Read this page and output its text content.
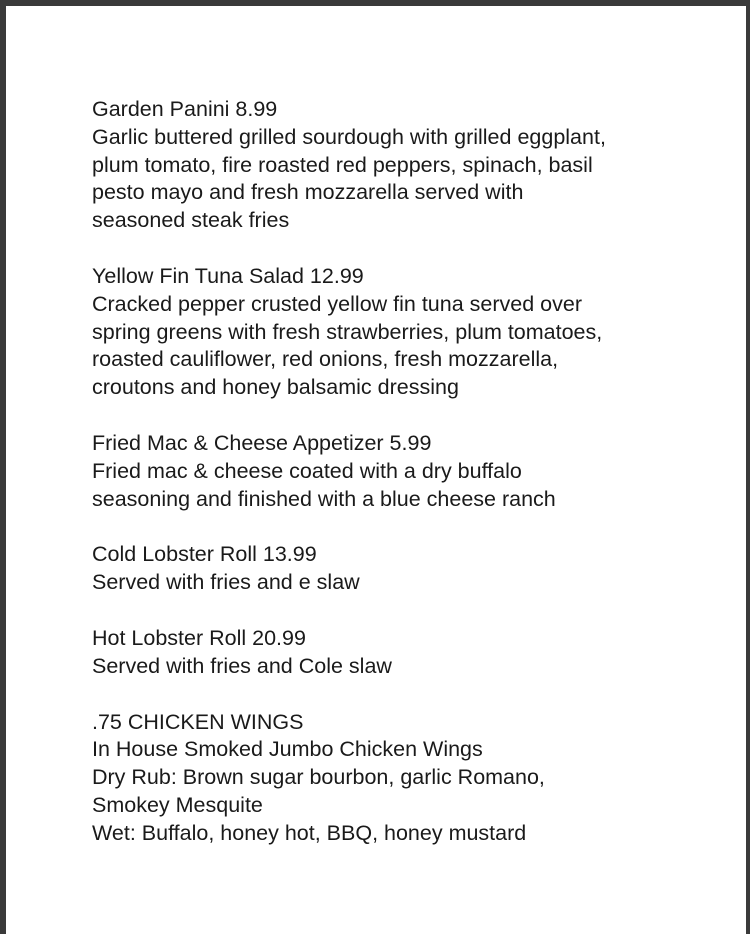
Garden Panini 8.99
Garlic buttered grilled sourdough with grilled eggplant,
plum tomato, fire roasted red peppers, spinach, basil
pesto mayo and fresh mozzarella served with
seasoned steak fries
Yellow Fin Tuna Salad 12.99
Cracked pepper crusted yellow fin tuna served over
spring greens with fresh strawberries, plum tomatoes,
roasted cauliflower, red onions, fresh mozzarella,
croutons and honey balsamic dressing
Fried Mac & Cheese Appetizer 5.99
Fried mac & cheese coated with a dry buffalo
seasoning and finished with a blue cheese ranch
Cold Lobster Roll 13.99
Served with fries and e slaw
Hot Lobster Roll 20.99
Served with fries and Cole slaw
.75 CHICKEN WINGS
In House Smoked Jumbo Chicken Wings
Dry Rub: Brown sugar bourbon, garlic Romano,
Smokey Mesquite
Wet: Buffalo, honey hot, BBQ, honey mustard
